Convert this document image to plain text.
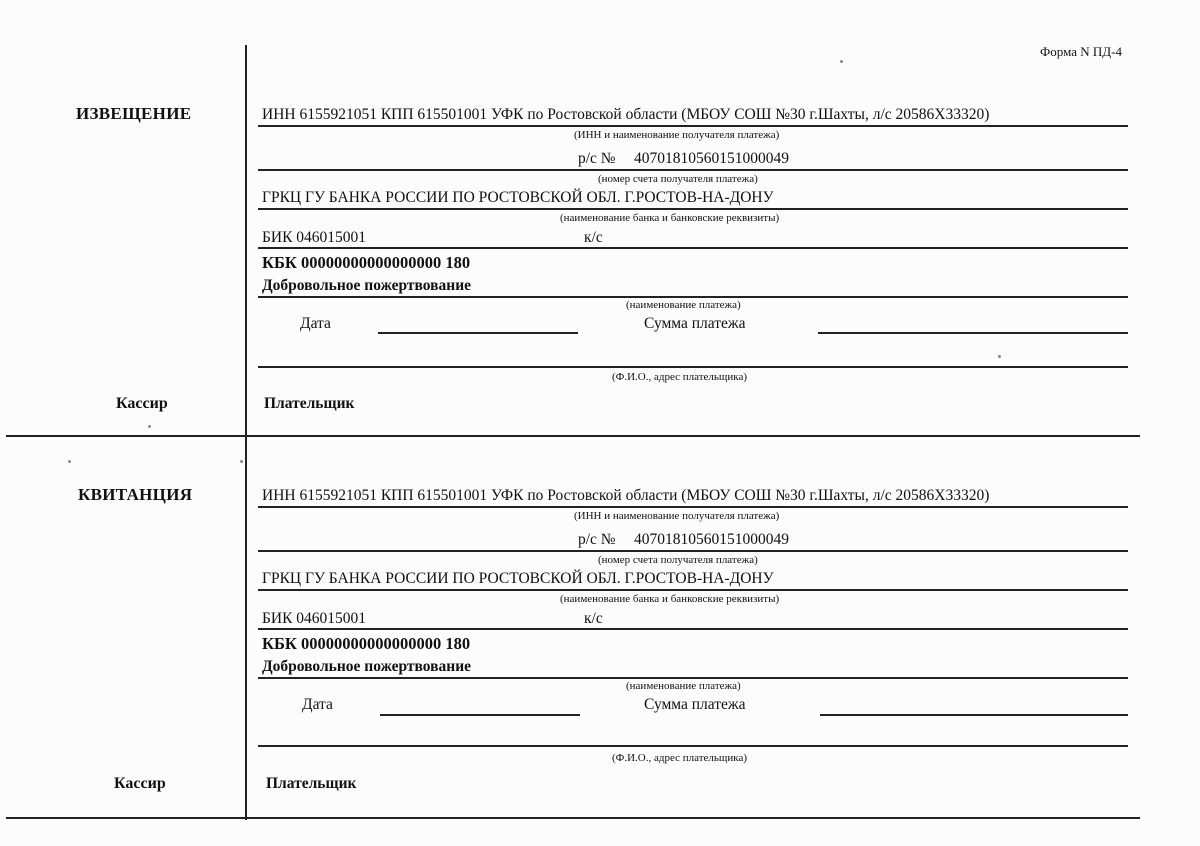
Форма N ПД-4
ИЗВЕЩЕНИЕ	ИНН 6155921051 КПП 615501001 УФК по Ростовской области (МБОУ СОШ №30 г.Шахты, л/с 20586Х33320)
(ИНН и наименование получателя платежа)
р/с № 40701810560151000049
(номер счета получателя платежа)
ГРКЦ ГУ БАНКА РОССИИ ПО РОСТОВСКОЙ ОБЛ. Г.РОСТОВ-НА-ДОНУ
(наименование банка и банковские реквизиты)
БИК 046015001	к/с
КБК 00000000000000000 180
Добровольное пожертвование
(наименование платежа)
Дата	Сумма платежа
(Ф.И.О., адрес плательщика)
Кассир	Плательщик
КВИТАНЦИЯ	ИНН 6155921051 КПП 615501001 УФК по Ростовской области (МБОУ СОШ №30 г.Шахты, л/с 20586Х33320)
(ИНН и наименование получателя платежа)
р/с № 40701810560151000049
(номер счета получателя платежа)
ГРКЦ ГУ БАНКА РОССИИ ПО РОСТОВСКОЙ ОБЛ. Г.РОСТОВ-НА-ДОНУ
(наименование банка и банковские реквизиты)
БИК 046015001	к/с
КБК 00000000000000000 180
Добровольное пожертвование
(наименование платежа)
Дата	Сумма платежа
(Ф.И.О., адрес плательщика)
Кассир	Плательщик
